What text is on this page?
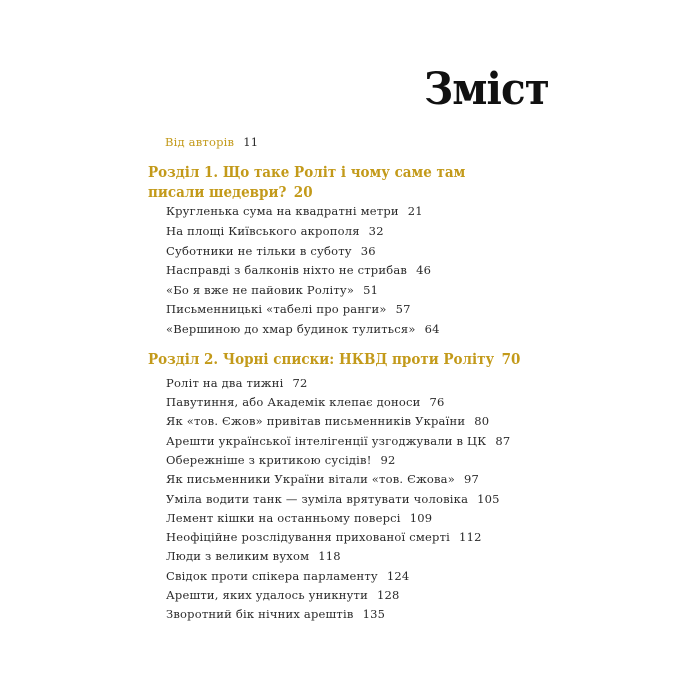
Зміст
Від авторів 11
Розділ 1. Що таке Роліт і чому саме там
писали шедеври? 20
Кругленька сума на квадратні метри 21
На площі Київського акрополя 32
Суботники не тільки в суботу 36
Насправді з балконів ніхто не стрибав 46
«Бо я вже не пайовик Роліту» 51
Письменницькі «табелі про ранги» 57
«Вершиною до хмар будинок тулиться» 64
Розділ 2. Чорні списки: НКВД проти Роліту 70
Роліт на два тижні 72
Павутиння, або Академік клепає доноси 76
Як «тов. Єжов» привітав письменників України 80
Арешти української інтелігенції узгоджували в ЦК 87
Обережніше з критикою сусідів! 92
Як письменники України вітали «тов. Єжова» 97
Уміла водити танк — зуміла врятувати чоловіка 105
Лемент кішки на останньому поверсі 109
Неофіційне розслідування прихованої смерті 112
Люди з великим вухом 118
Свідок проти спікера парламенту 124
Арешти, яких удалось уникнути 128
Зворотний бік нічних арештів 135
